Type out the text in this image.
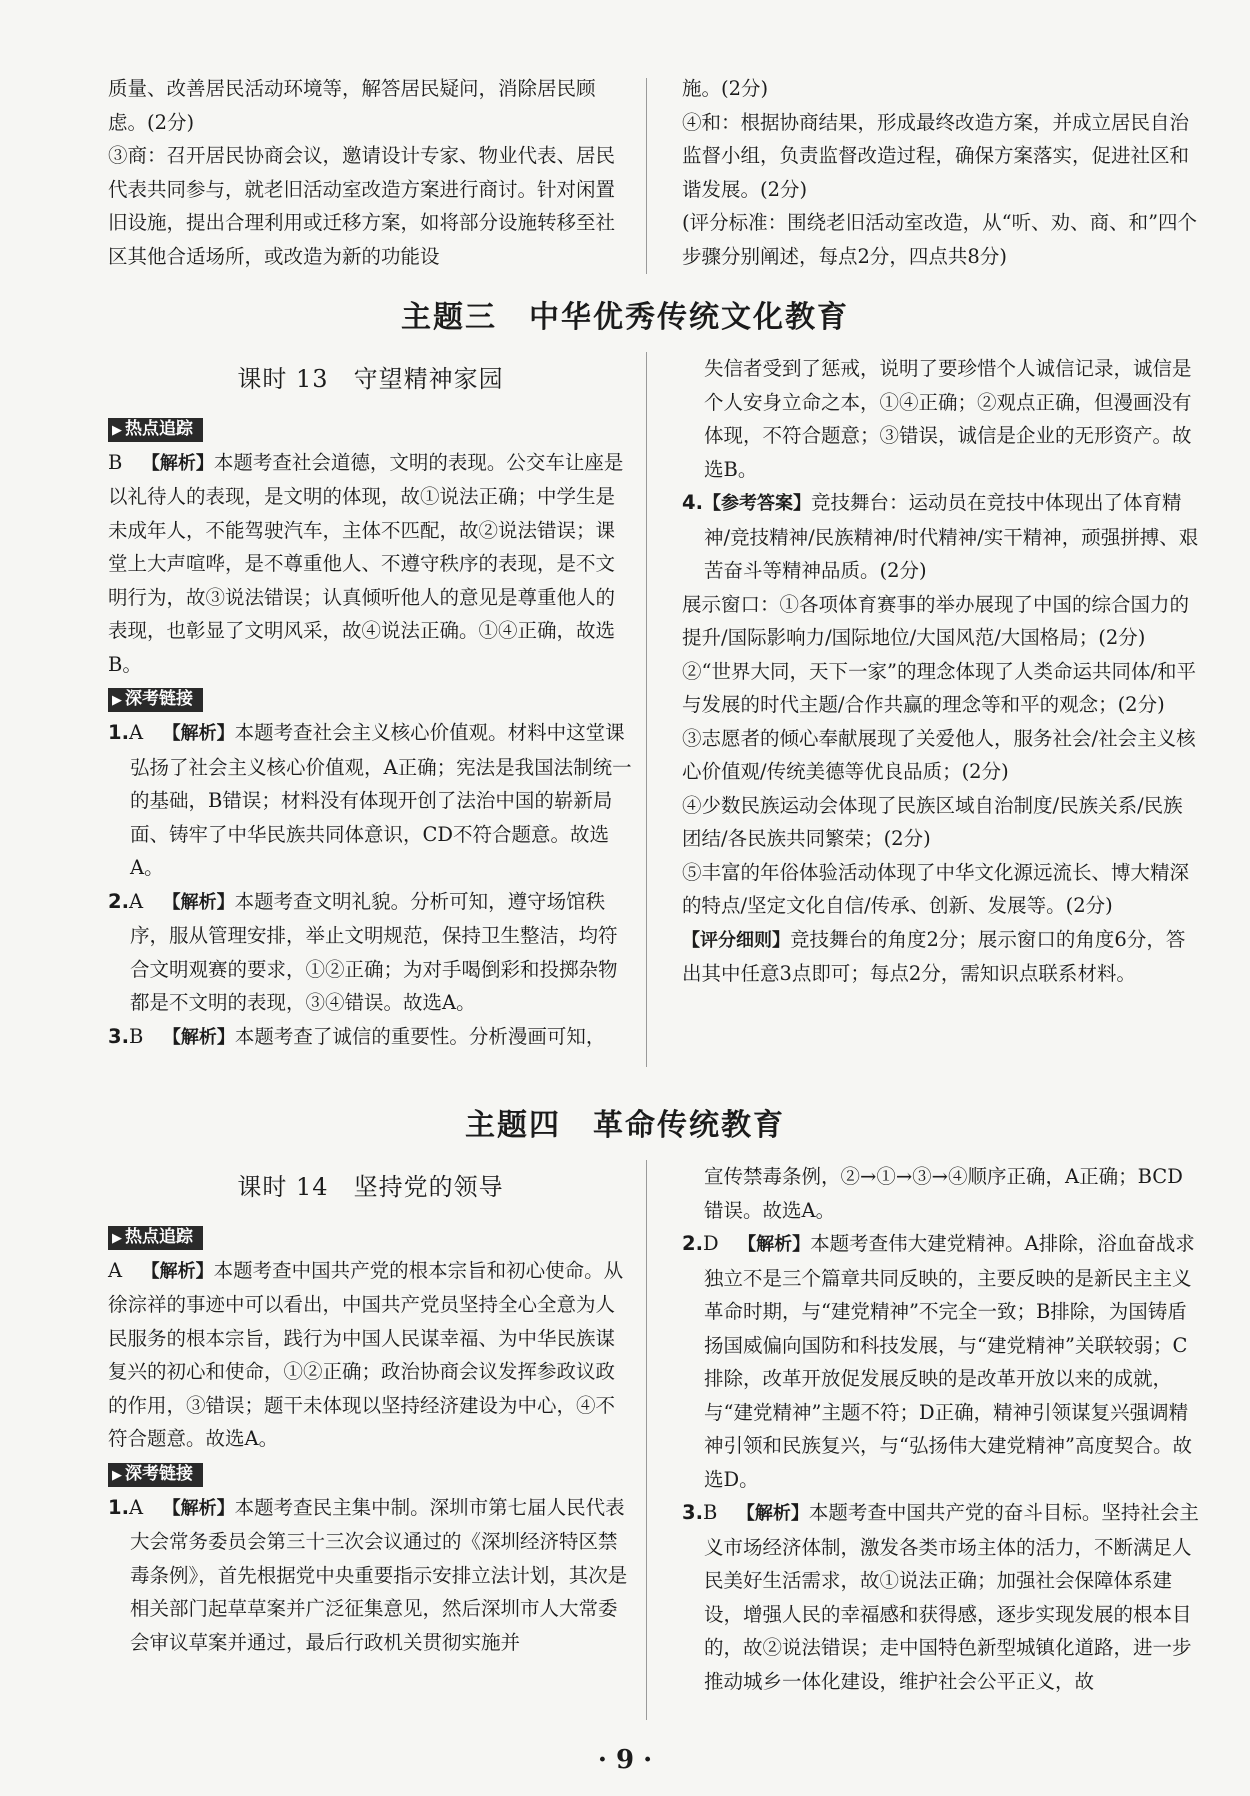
质量、改善居民活动环境等，解答居民疑问，消除居民顾虑。(2分)

③商：召开居民协商会议，邀请设计专家、物业代表、居民代表共同参与，就老旧活动室改造方案进行商讨。针对闲置旧设施，提出合理利用或迁移方案，如将部分设施转移至社区其他合适场所，或改造为新的功能设

施。(2分)

④和：根据协商结果，形成最终改造方案，并成立居民自治监督小组，负责监督改造过程，确保方案落实，促进社区和谐发展。(2分)

(评分标准：围绕老旧活动室改造，从“听、劝、商、和”四个步骤分别阐述，每点2分，四点共8分)

主题三　中华优秀传统文化教育
课时 13　守望精神家园
▶ 热点追踪

B  【解析】本题考查社会道德，文明的表现。公交车让座是以礼待人的表现，是文明的体现，故①说法正确；中学生是未成年人，不能驾驶汽车，主体不匹配，故②说法错误；课堂上大声喧哗，是不尊重他人、不遵守秩序的表现，是不文明行为，故③说法错误；认真倾听他人的意见是尊重他人的表现，也彰显了文明风采，故④说法正确。①④正确，故选B。

▶ 深考链接

1.A  【解析】本题考查社会主义核心价值观。材料中这堂课弘扬了社会主义核心价值观，A正确；宪法是我国法制统一的基础，B错误；材料没有体现开创了法治中国的崭新局面、铸牢了中华民族共同体意识，CD不符合题意。故选A。

2.A  【解析】本题考查文明礼貌。分析可知，遵守场馆秩序，服从管理安排，举止文明规范，保持卫生整洁，均符合文明观赛的要求，①②正确；为对手喝倒彩和投掷杂物都是不文明的表现，③④错误。故选A。

3.B  【解析】本题考查了诚信的重要性。分析漫画可知，

失信者受到了惩戒，说明了要珍惜个人诚信记录，诚信是个人安身立命之本，①④正确；②观点正确，但漫画没有体现，不符合题意；③错误，诚信是企业的无形资产。故选B。

4.【参考答案】竞技舞台：运动员在竞技中体现出了体育精神/竞技精神/民族精神/时代精神/实干精神，顽强拼搏、艰苦奋斗等精神品质。(2分)

展示窗口：①各项体育赛事的举办展现了中国的综合国力的提升/国际影响力/国际地位/大国风范/大国格局；(2分)

②“世界大同，天下一家”的理念体现了人类命运共同体/和平与发展的时代主题/合作共赢的理念等和平的观念；(2分)

③志愿者的倾心奉献展现了关爱他人，服务社会/社会主义核心价值观/传统美德等优良品质；(2分)

④少数民族运动会体现了民族区域自治制度/民族关系/民族团结/各民族共同繁荣；(2分)

⑤丰富的年俗体验活动体现了中华文化源远流长、博大精深的特点/坚定文化自信/传承、创新、发展等。(2分)

【评分细则】竞技舞台的角度2分；展示窗口的角度6分，答出其中任意3点即可；每点2分，需知识点联系材料。

主题四　革命传统教育
课时 14　坚持党的领导
▶ 热点追踪

A  【解析】本题考查中国共产党的根本宗旨和初心使命。从徐淙祥的事迹中可以看出，中国共产党员坚持全心全意为人民服务的根本宗旨，践行为中国人民谋幸福、为中华民族谋复兴的初心和使命，①②正确；政治协商会议发挥参政议政的作用，③错误；题干未体现以坚持经济建设为中心，④不符合题意。故选A。

▶ 深考链接

1.A  【解析】本题考查民主集中制。深圳市第七届人民代表大会常务委员会第三十三次会议通过的《深圳经济特区禁毒条例》，首先根据党中央重要指示安排立法计划，其次是相关部门起草草案并广泛征集意见，然后深圳市人大常委会审议草案并通过，最后行政机关贯彻实施并

宣传禁毒条例，②→①→③→④顺序正确，A正确；BCD错误。故选A。

2.D  【解析】本题考查伟大建党精神。A排除，浴血奋战求独立不是三个篇章共同反映的，主要反映的是新民主主义革命时期，与“建党精神”不完全一致；B排除，为国铸盾扬国威偏向国防和科技发展，与“建党精神”关联较弱；C排除，改革开放促发展反映的是改革开放以来的成就，与“建党精神”主题不符；D正确，精神引领谋复兴强调精神引领和民族复兴，与“弘扬伟大建党精神”高度契合。故选D。

3.B  【解析】本题考查中国共产党的奋斗目标。坚持社会主义市场经济体制，激发各类市场主体的活力，不断满足人民美好生活需求，故①说法正确；加强社会保障体系建设，增强人民的幸福感和获得感，逐步实现发展的根本目的，故②说法错误；走中国特色新型城镇化道路，进一步推动城乡一体化建设，维护社会公平正义，故

· 9 ·
